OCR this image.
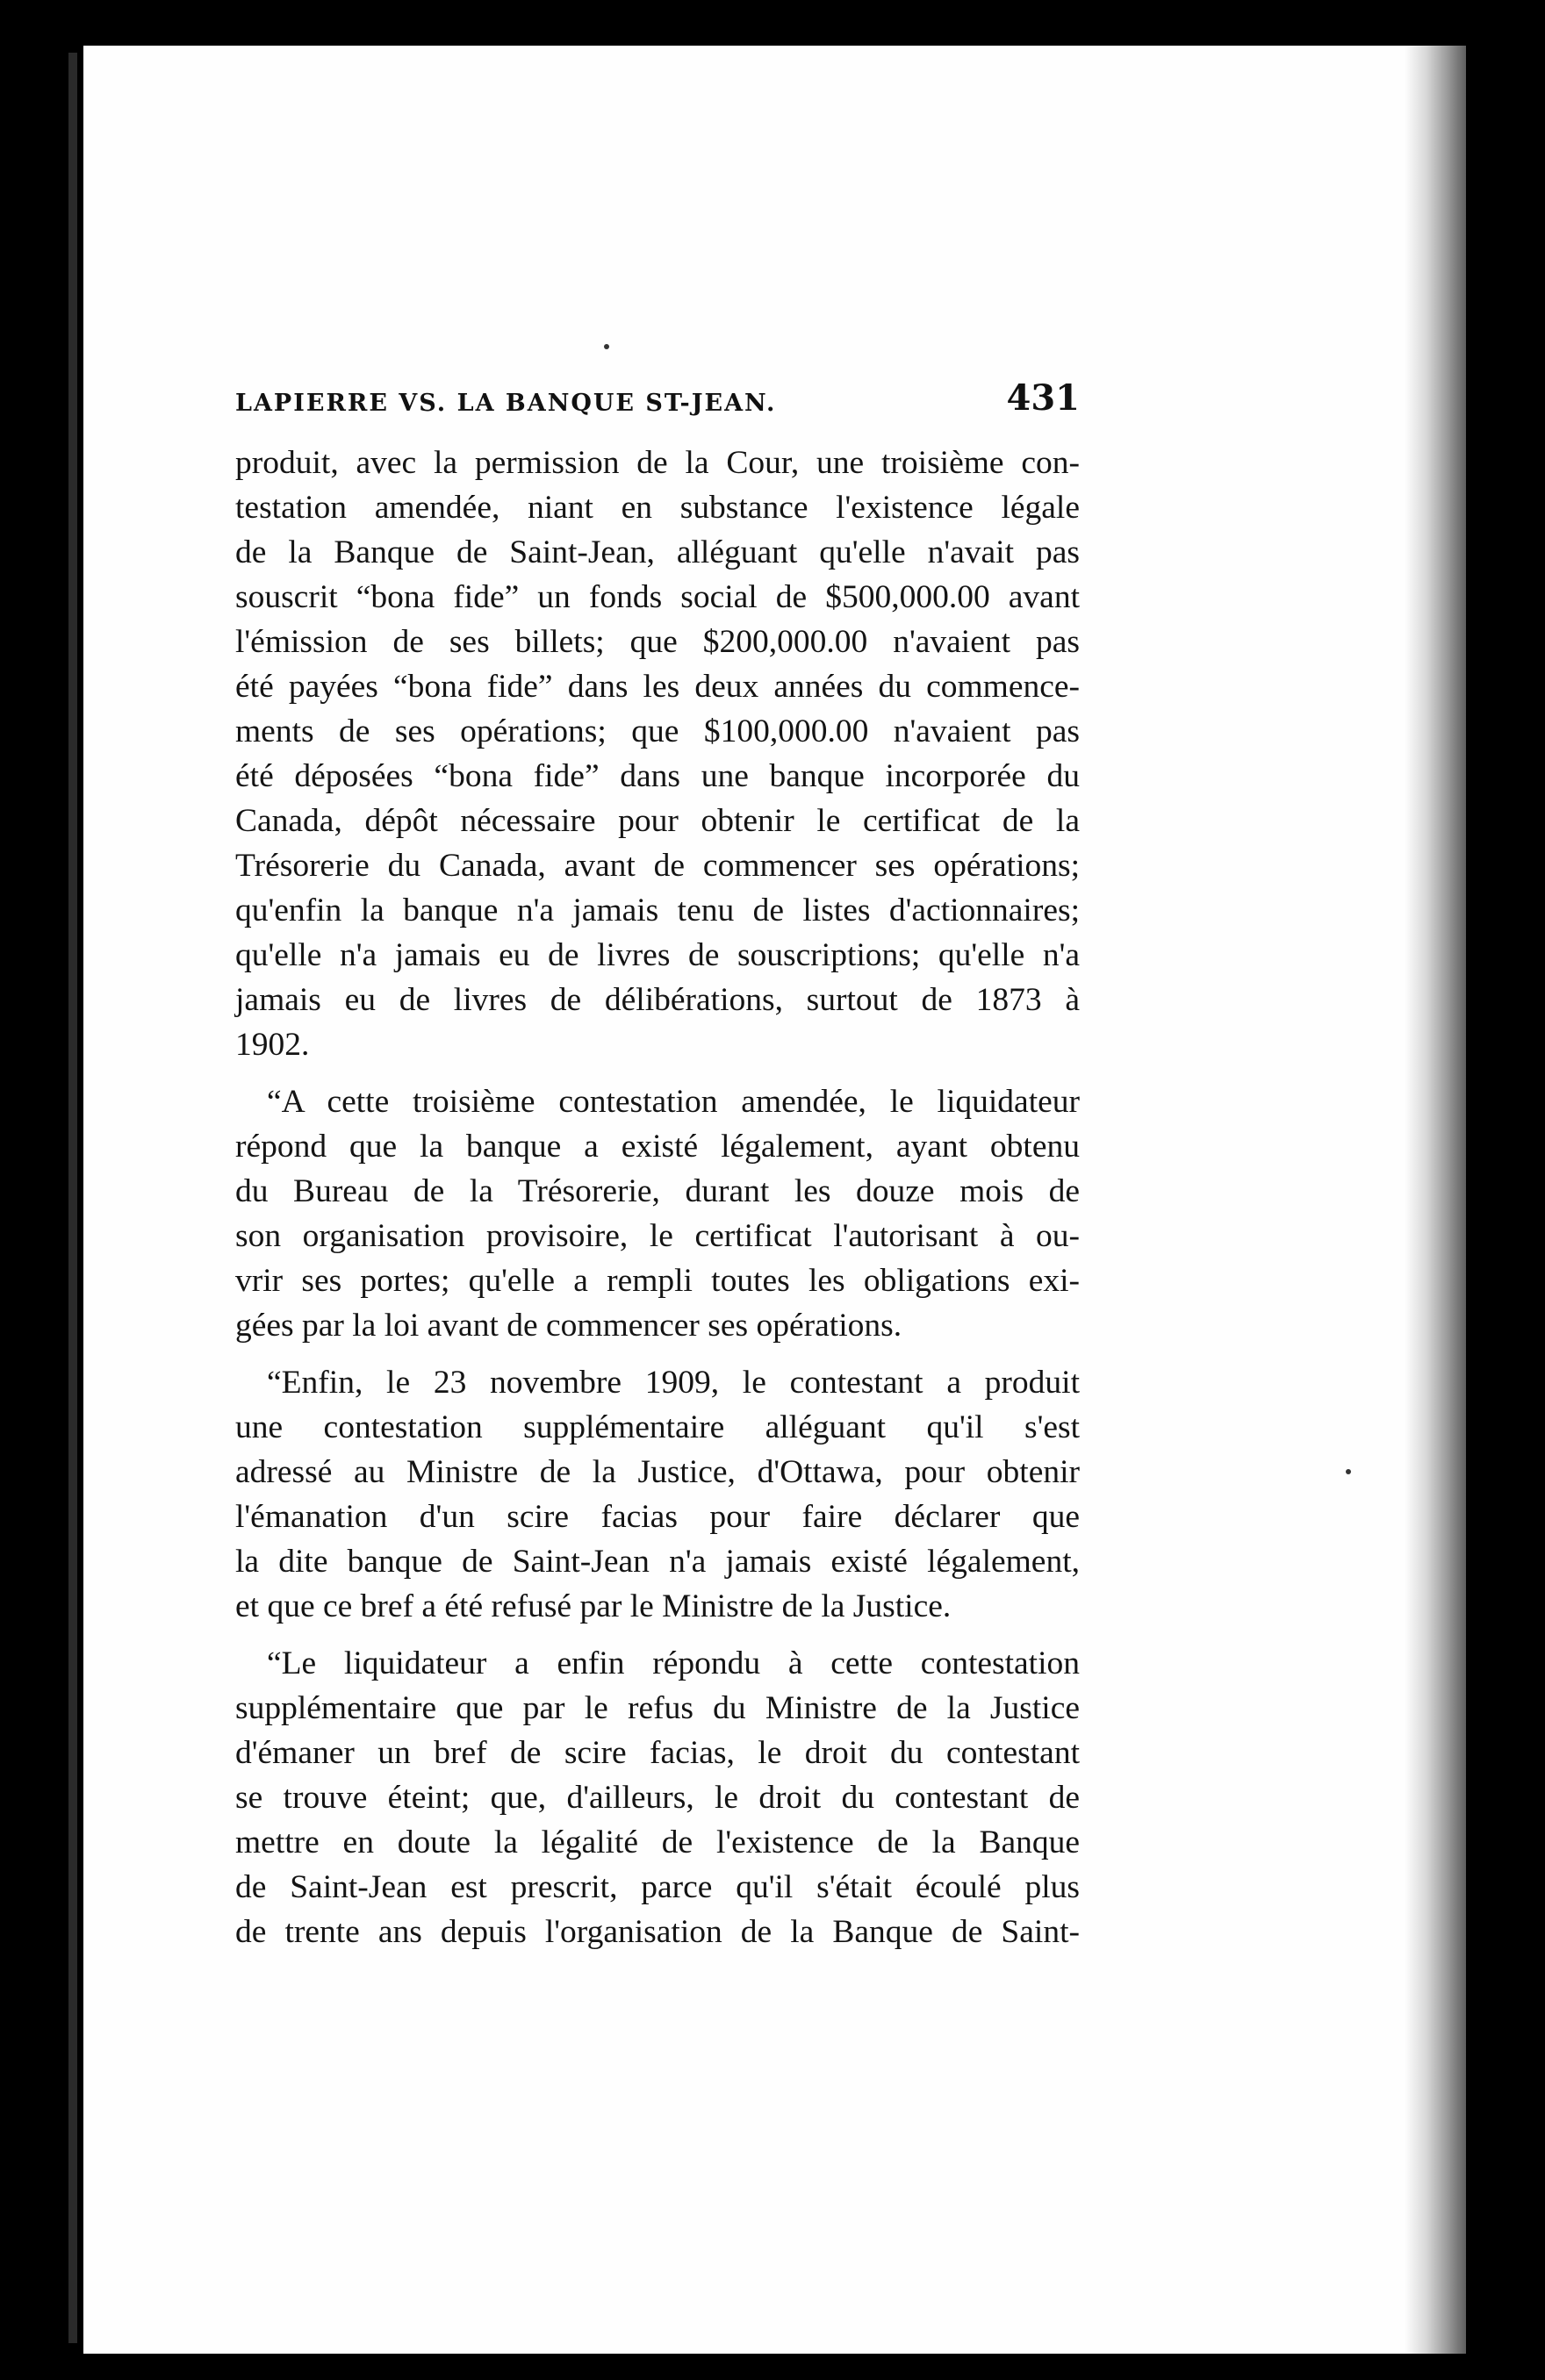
LAPIERRE VS. LA BANQUE ST-JEAN.	431

produit, avec la permission de la Cour, une troisième con-
testation amendée, niant en substance l'existence légale
de la Banque de Saint-Jean, alléguant qu'elle n'avait pas
souscrit “bona fide” un fonds social de $500,000.00 avant
l'émission de ses billets; que $200,000.00 n'avaient pas
été payées “bona fide” dans les deux années du commence-
ments de ses opérations; que $100,000.00 n'avaient pas
été déposées “bona fide” dans une banque incorporée du
Canada, dépôt nécessaire pour obtenir le certificat de la
Trésorerie du Canada, avant de commencer ses opérations;
qu'enfin la banque n'a jamais tenu de listes d'actionnaires;
qu'elle n'a jamais eu de livres de souscriptions; qu'elle n'a
jamais eu de livres de délibérations, surtout de 1873 à
1902.

“A cette troisième contestation amendée, le liquidateur
répond que la banque a existé légalement, ayant obtenu
du Bureau de la Trésorerie, durant les douze mois de
son organisation provisoire, le certificat l'autorisant à ou-
vrir ses portes; qu'elle a rempli toutes les obligations exi-
gées par la loi avant de commencer ses opérations.

“Enfin, le 23 novembre 1909, le contestant a produit
une contestation supplémentaire alléguant qu'il s'est
adressé au Ministre de la Justice, d'Ottawa, pour obtenir
l'émanation d'un scire facias pour faire déclarer que
la dite banque de Saint-Jean n'a jamais existé légalement,
et que ce bref a été refusé par le Ministre de la Justice.

“Le liquidateur a enfin répondu à cette contestation
supplémentaire que par le refus du Ministre de la Justice
d'émaner un bref de scire facias, le droit du contestant
se trouve éteint; que, d'ailleurs, le droit du contestant de
mettre en doute la légalité de l'existence de la Banque
de Saint-Jean est prescrit, parce qu'il s'était écoulé plus
de trente ans depuis l'organisation de la Banque de Saint-
